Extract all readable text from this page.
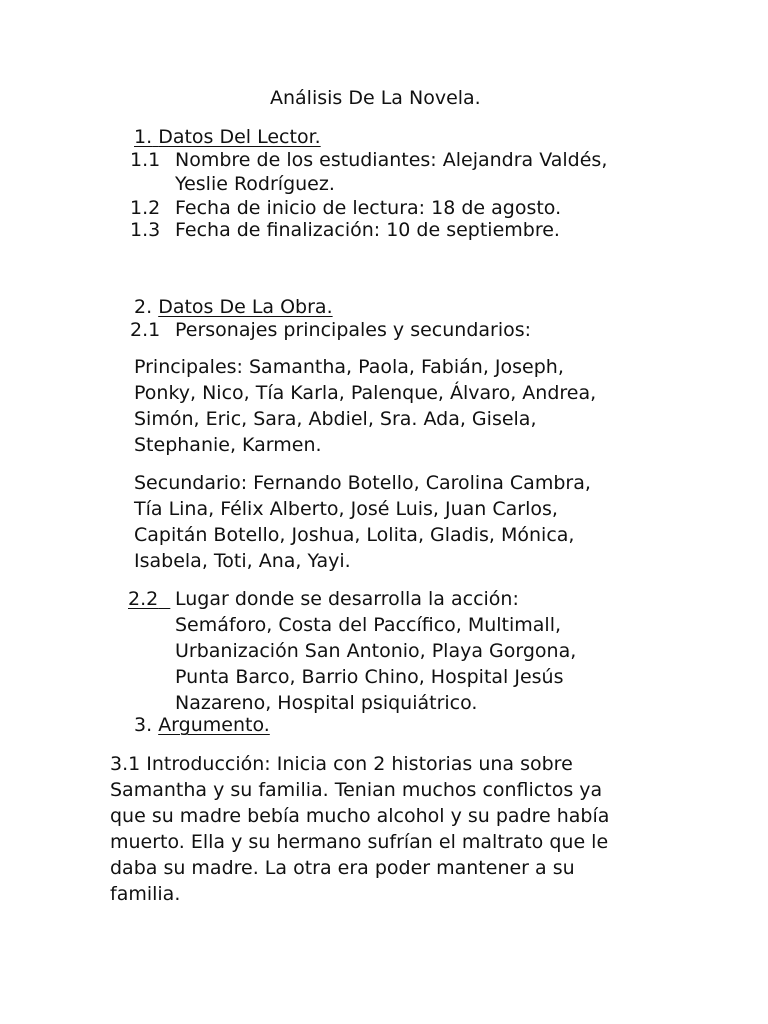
Análisis De La Novela.
1. Datos Del Lector.
1.1 Nombre de los estudiantes: Alejandra Valdés,
Yeslie Rodríguez.
1.2 Fecha de inicio de lectura: 18 de agosto.
1.3 Fecha de finalización: 10 de septiembre.
2. Datos De La Obra.
2.1 Personajes principales y secundarios:
Principales: Samantha, Paola, Fabián, Joseph,
Ponky, Nico, Tía Karla, Palenque, Álvaro, Andrea,
Simón, Eric, Sara, Abdiel, Sra. Ada, Gisela,
Stephanie, Karmen.
Secundario: Fernando Botello, Carolina Cambra,
Tía Lina, Félix Alberto, José Luis, Juan Carlos,
Capitán Botello, Joshua, Lolita, Gladis, Mónica,
Isabela, Toti, Ana, Yayi.
2.2 Lugar donde se desarrolla la acción:
Semáforo, Costa del Paccífico, Multimall,
Urbanización San Antonio, Playa Gorgona,
Punta Barco, Barrio Chino, Hospital Jesús
Nazareno, Hospital psiquiátrico.
3. Argumento.
3.1 Introducción: Inicia con 2 historias una sobre
Samantha y su familia. Tenian muchos conflictos ya
que su madre bebía mucho alcohol y su padre había
muerto. Ella y su hermano sufrían el maltrato que le
daba su madre. La otra era poder mantener a su
familia.
